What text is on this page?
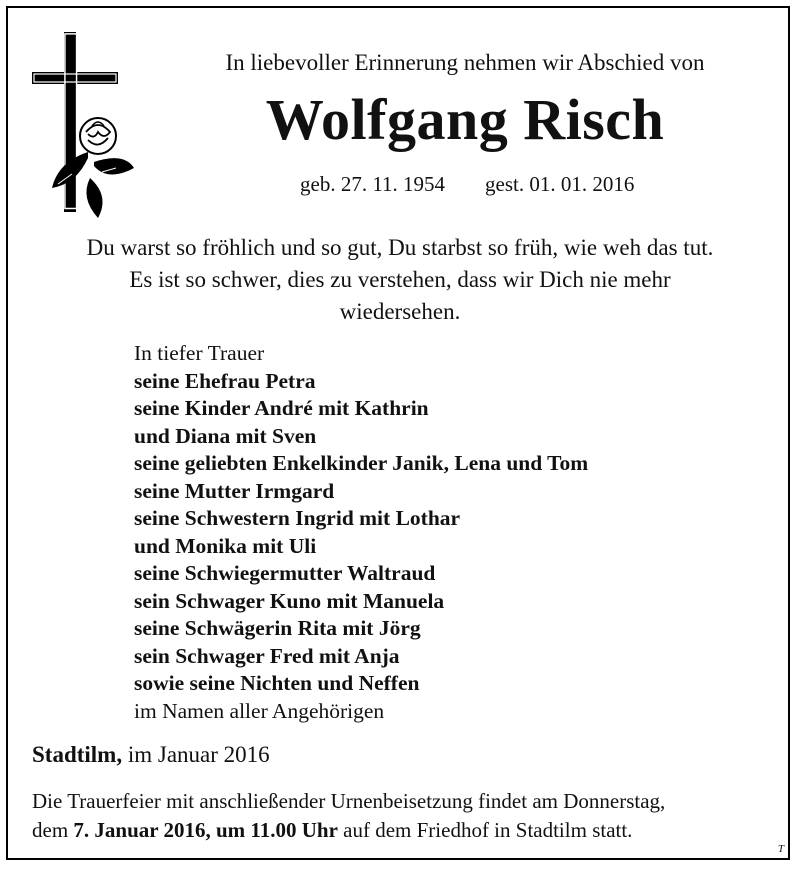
In liebevoller Erinnerung nehmen wir Abschied von
Wolfgang Risch
geb. 27. 11. 1954 gest. 01. 01. 2016
Du warst so fröhlich und so gut, Du starbst so früh, wie weh das tut.
Es ist so schwer, dies zu verstehen, dass wir Dich nie mehr
wiedersehen.
In tiefer Trauer
seine Ehefrau Petra
seine Kinder André mit Kathrin
und Diana mit Sven
seine geliebten Enkelkinder Janik, Lena und Tom
seine Mutter Irmgard
seine Schwestern Ingrid mit Lothar
und Monika mit Uli
seine Schwiegermutter Waltraud
sein Schwager Kuno mit Manuela
seine Schwägerin Rita mit Jörg
sein Schwager Fred mit Anja
sowie seine Nichten und Neffen
im Namen aller Angehörigen
Stadtilm, im Januar 2016
Die Trauerfeier mit anschließender Urnenbeisetzung findet am Donnerstag,
dem 7. Januar 2016, um 11.00 Uhr auf dem Friedhof in Stadtilm statt.
T
